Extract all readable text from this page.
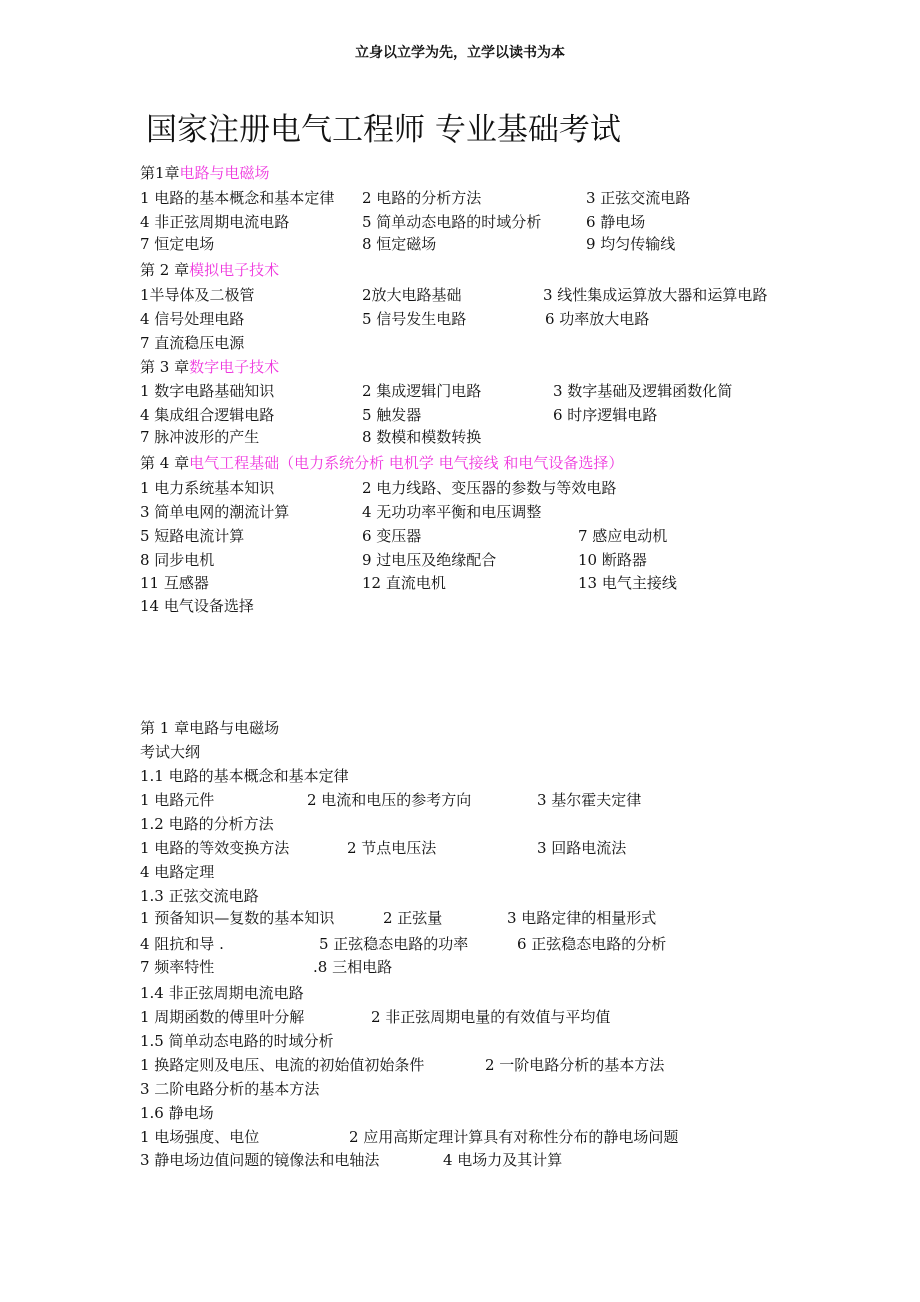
立身以立学为先，立学以读书为本
国家注册电气工程师 专业基础考试
第1章电路与电磁场
1 电路的基本概念和基本定律 2 电路的分析方法	3 正弦交流电路
4 非正弦周期电流电路	5 简单动态电路的时域分析	6 静电场
7 恒定电场	8 恒定磁场	9 均匀传输线
第 2 章模拟电子技术
1半导体及二极管	2放大电路基础	3 线性集成运算放大器和运算电路
4 信号处理电路	5 信号发生电路	6 功率放大电路
7 直流稳压电源
第 3 章数字电子技术
1 数字电路基础知识	2 集成逻辑门电路	3 数字基础及逻辑函数化简
4 集成组合逻辑电路	5 触发器	6 时序逻辑电路
7 脉冲波形的产生	8 数模和模数转换
第 4 章电气工程基础（电力系统分析 电机学 电气接线 和电气设备选择）
1 电力系统基本知识	2 电力线路、变压器的参数与等效电路
3 简单电网的潮流计算	4 无功功率平衡和电压调整
5 短路电流计算	6 变压器	7 感应电动机
8 同步电机	9 过电压及绝缘配合	10 断路器
11 互感器	12 直流电机	13 电气主接线
14 电气设备选择
第 1 章电路与电磁场
考试大纲
1.1 电路的基本概念和基本定律
1 电路元件	2 电流和电压的参考方向	3 基尔霍夫定律
1.2 电路的分析方法
1 电路的等效变换方法	2 节点电压法	3 回路电流法
4 电路定理
1.3 正弦交流电路
1 预备知识—复数的基本知识	2 正弦量	3 电路定律的相量形式
4 阻抗和导 .	5 正弦稳态电路的功率	6 正弦稳态电路的分析
7 频率特性	.8 三相电路
1.4 非正弦周期电流电路
1 周期函数的傅里叶分解	2 非正弦周期电量的有效值与平均值
1.5 简单动态电路的时域分析
1 换路定则及电压、电流的初始值初始条件	2 一阶电路分析的基本方法
3 二阶电路分析的基本方法
1.6 静电场
1 电场强度、电位	2 应用高斯定理计算具有对称性分布的静电场问题
3 静电场边值问题的镜像法和电轴法	4 电场力及其计算
